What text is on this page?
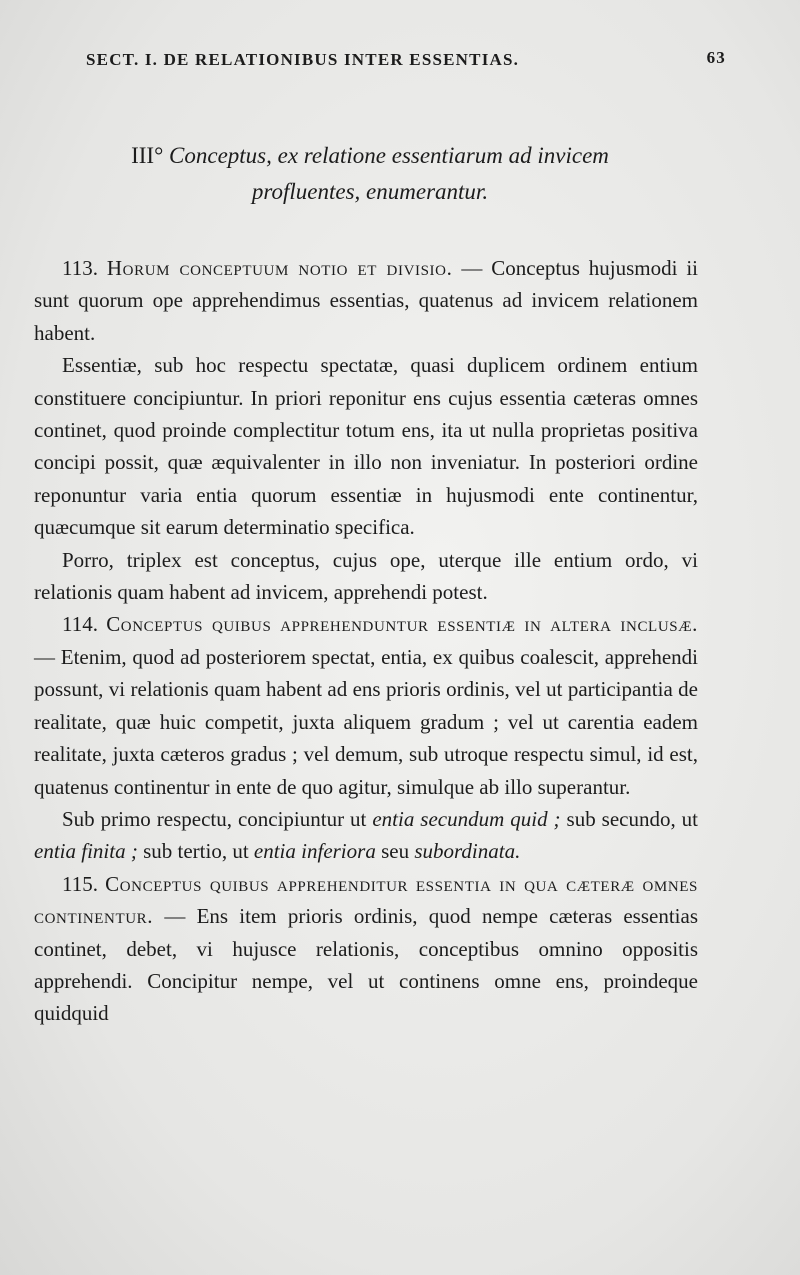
SECT. I. DE RELATIONIBUS INTER ESSENTIAS.	63
III° Conceptus, ex relatione essentiarum ad invicem
profluentes, enumerantur.

113. Horum conceptuum notio et divisio. — Conceptus hujusmodi ii sunt quorum ope apprehendimus essentias, quatenus ad invicem relationem habent.

Essentiæ, sub hoc respectu spectatæ, quasi duplicem ordinem entium constituere concipiuntur. In priori reponitur ens cujus essentia cæteras omnes continet, quod proinde complectitur totum ens, ita ut nulla proprietas positiva concipi possit, quæ æquivalenter in illo non inveniatur. In posteriori ordine reponuntur varia entia quorum essentiæ in hujusmodi ente continentur, quæcumque sit earum determinatio specifica.

Porro, triplex est conceptus, cujus ope, uterque ille entium ordo, vi relationis quam habent ad invicem, apprehendi potest.

114. Conceptus quibus apprehenduntur essentiæ in altera inclusæ. — Etenim, quod ad posteriorem spectat, entia, ex quibus coalescit, apprehendi possunt, vi relationis quam habent ad ens prioris ordinis, vel ut participantia de realitate, quæ huic competit, juxta aliquem gradum ; vel ut carentia eadem realitate, juxta cæteros gradus ; vel demum, sub utroque respectu simul, id est, quatenus continentur in ente de quo agitur, simulque ab illo superantur.

Sub primo respectu, concipiuntur ut entia secundum quid ; sub secundo, ut entia finita ; sub tertio, ut entia inferiora seu subordinata.

115. Conceptus quibus apprehenditur essentia in qua cæteræ omnes continentur. — Ens item prioris ordinis, quod nempe cæteras essentias continet, debet, vi hujusce relationis, conceptibus omnino oppositis apprehendi. Concipitur nempe, vel ut continens omne ens, proindeque quidquid
